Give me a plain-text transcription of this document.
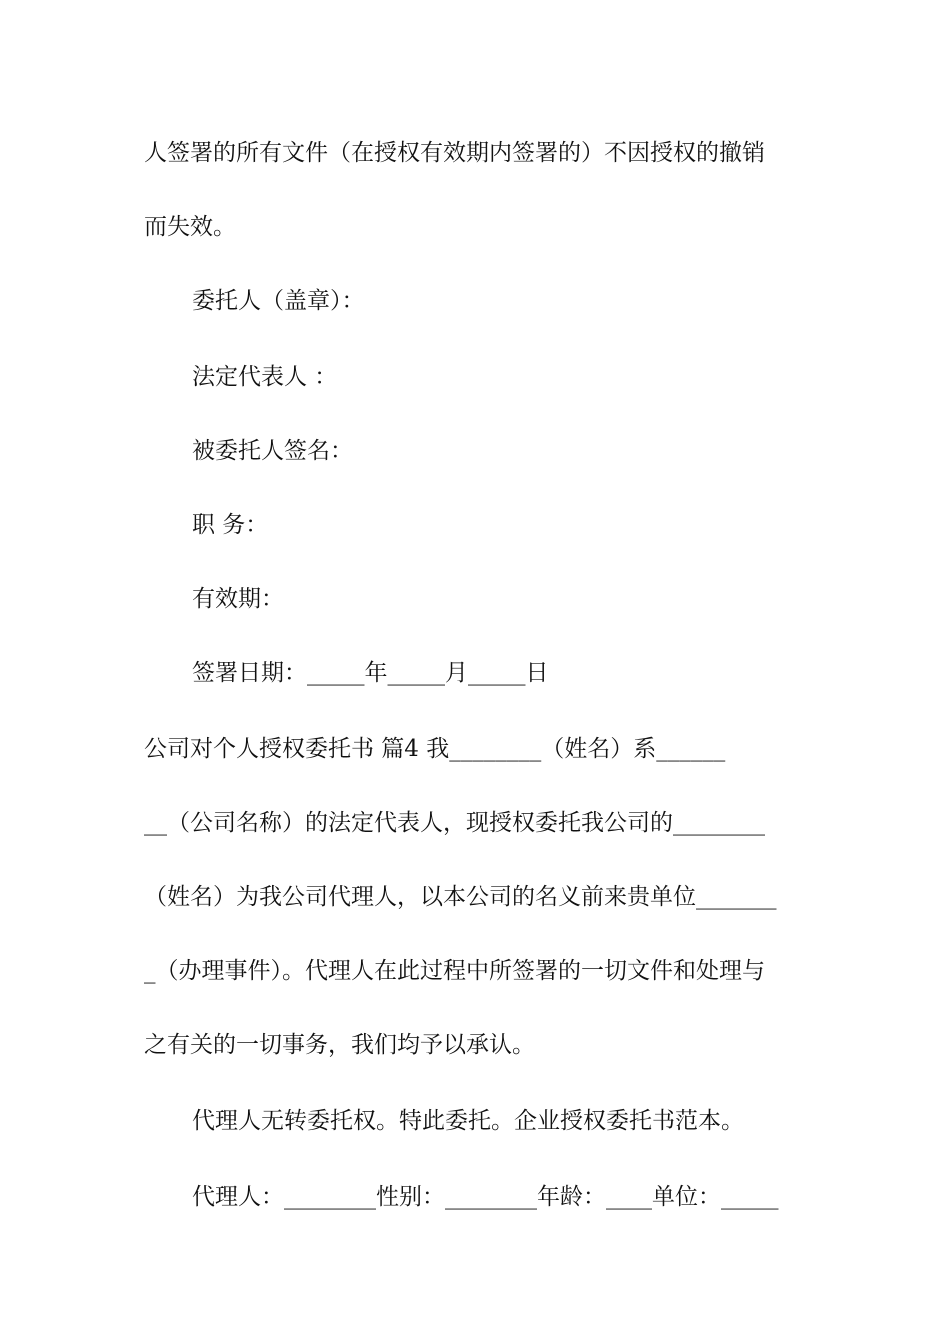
人签署的所有文件（在授权有效期内签署的）不因授权的撤销
而失效。
委托人（盖章）：
法定代表人 ：
被委托人签名：
职 务：
有效期：
签署日期：_____年_____月_____日
公司对个人授权委托书 篇4 我________（姓名）系______
__（公司名称）的法定代表人，现授权委托我公司的________
（姓名）为我公司代理人，以本公司的名义前来贵单位_______
_（办理事件）。代理人在此过程中所签署的一切文件和处理与
之有关的一切事务，我们均予以承认。
代理人无转委托权。特此委托。企业授权委托书范本。
代理人：________性别：________年龄：____单位：_____
